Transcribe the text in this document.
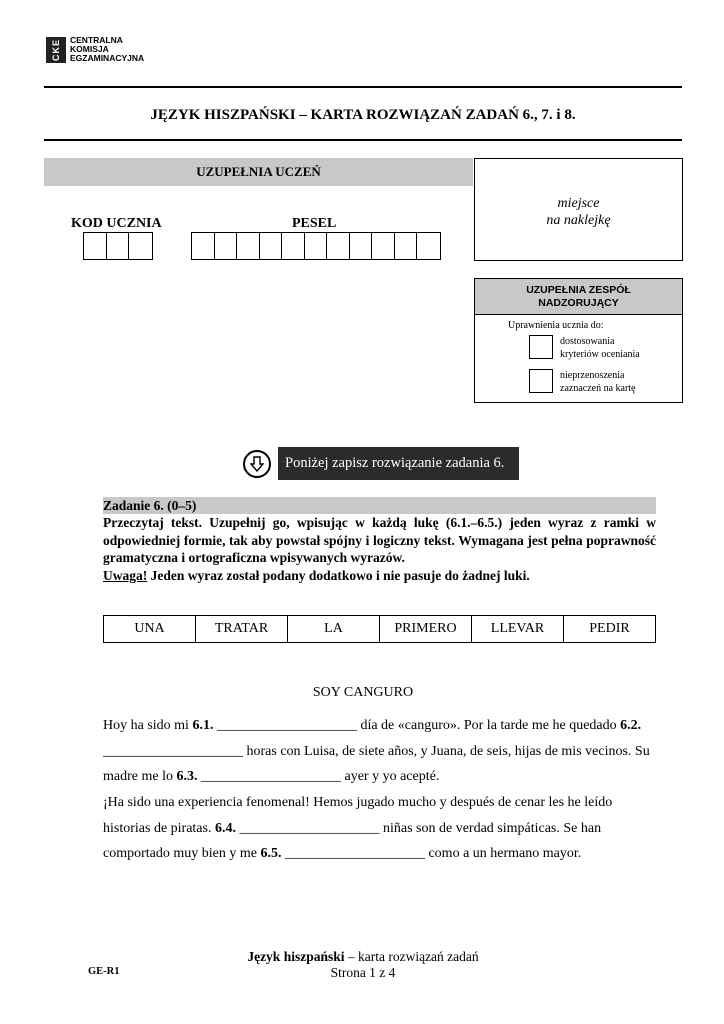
CKE	CENTRALNA
KOMISJA
EGZAMINACYJNA
JĘZYK HISZPAŃSKI – KARTA ROZWIĄZAŃ ZADAŃ 6., 7. i 8.
UZUPEŁNIA UCZEŃ
KOD UCZNIA	PESEL
miejsce
na naklejkę
UZUPEŁNIA ZESPÓŁ
NADZORUJĄCY
Uprawnienia ucznia do:
dostosowania
kryteriów oceniania
nieprzenoszenia
zaznaczeń na kartę
Poniżej zapisz rozwiązanie zadania 6.
Zadanie 6. (0–5)
Przeczytaj tekst. Uzupełnij go, wpisując w każdą lukę (6.1.–6.5.) jeden wyraz z ramki w odpowiedniej formie, tak aby powstał spójny i logiczny tekst. Wymagana jest pełna poprawność gramatyczna i ortograficzna wpisywanych wyrazów.
Uwaga! Jeden wyraz został podany dodatkowo i nie pasuje do żadnej luki.
UNA	TRATAR	LA	PRIMERO	LLEVAR	PEDIR
SOY CANGURO
Hoy ha sido mi 6.1. ____________________ día de «canguro». Por la tarde me he quedado 6.2. ____________________ horas con Luisa, de siete años, y Juana, de seis, hijas de mis vecinos. Su madre me lo 6.3. ____________________ ayer y yo acepté.
¡Ha sido una experiencia fenomenal! Hemos jugado mucho y después de cenar les he leído historias de piratas. 6.4. ____________________ niñas son de verdad simpáticas. Se han comportado muy bien y me 6.5. ____________________ como a un hermano mayor.
Język hiszpański – karta rozwiązań zadań
Strona 1 z 4
GE-R1
